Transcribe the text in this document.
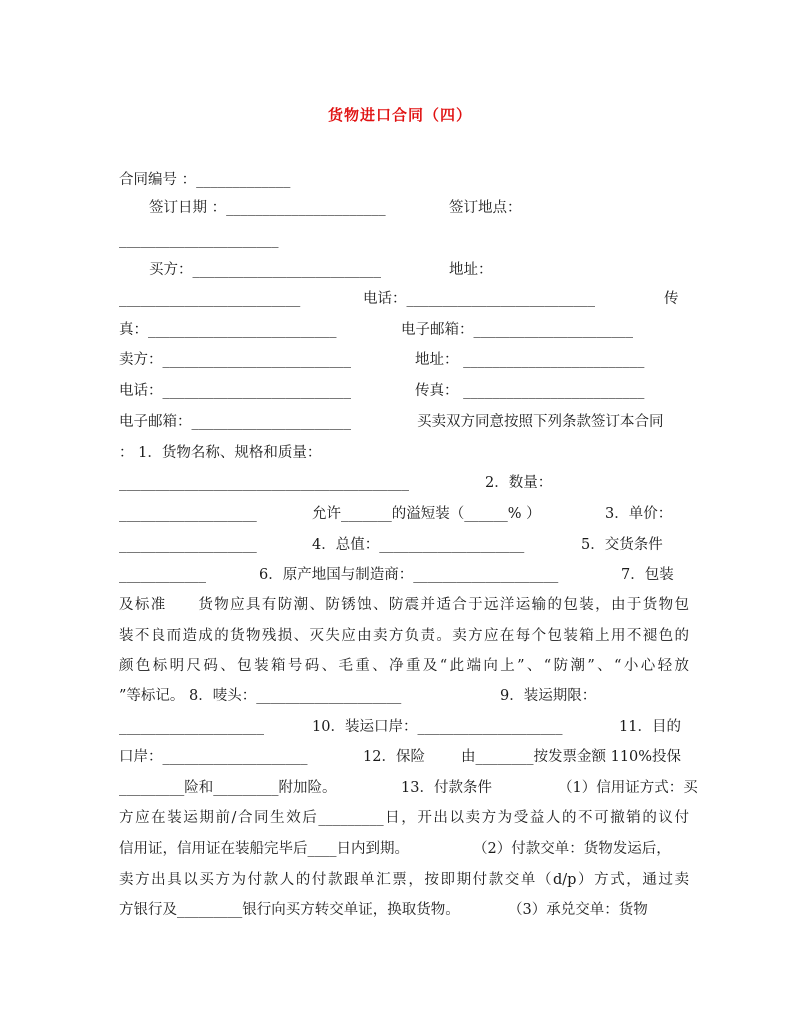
货物进口合同（四）
合同编号 ：_____________
签订日期 ：______________________	签订地点：
______________________
买方：__________________________	地址：
_________________________	电话：__________________________	传
真：__________________________	电子邮箱：______________________
卖方：__________________________	地址： _________________________
电话：__________________________	传真： _________________________
电子邮箱：______________________	买卖双方同意按照下列条款签订本合同
： 1．货物名称、规格和质量：
________________________________________	2．数量：
___________________	允许_______的溢短装（______% ）	3．单价：
___________________	4．总值：____________________	5．交货条件
____________	6．原产地国与制造商：____________________	7．包装
及标准　　货物应具有防潮、防锈蚀、防震并适合于远洋运输的包装，由于货物包
装不良而造成的货物残损、灭失应由卖方负责。卖方应在每个包装箱上用不褪色的
颜色标明尺码、包装箱号码、毛重、净重及“此端向上”、“防潮”、“小心轻放
”等标记。 8．唛头：____________________	9．装运期限：
____________________	10．装运口岸：____________________	11．目的
口岸：____________________	12．保险 由________按发票金额 110%投保
_________险和_________附加险。	13．付款条件	（1）信用证方式：买
方应在装运期前/合同生效后_________日，开出以卖方为受益人的不可撤销的议付
信用证，信用证在装船完毕后____日内到期。	（2）付款交单：货物发运后，
卖方出具以买方为付款人的付款跟单汇票，按即期付款交单（d/p）方式，通过卖
方银行及_________银行向买方转交单证，换取货物。	（3）承兑交单：货物
